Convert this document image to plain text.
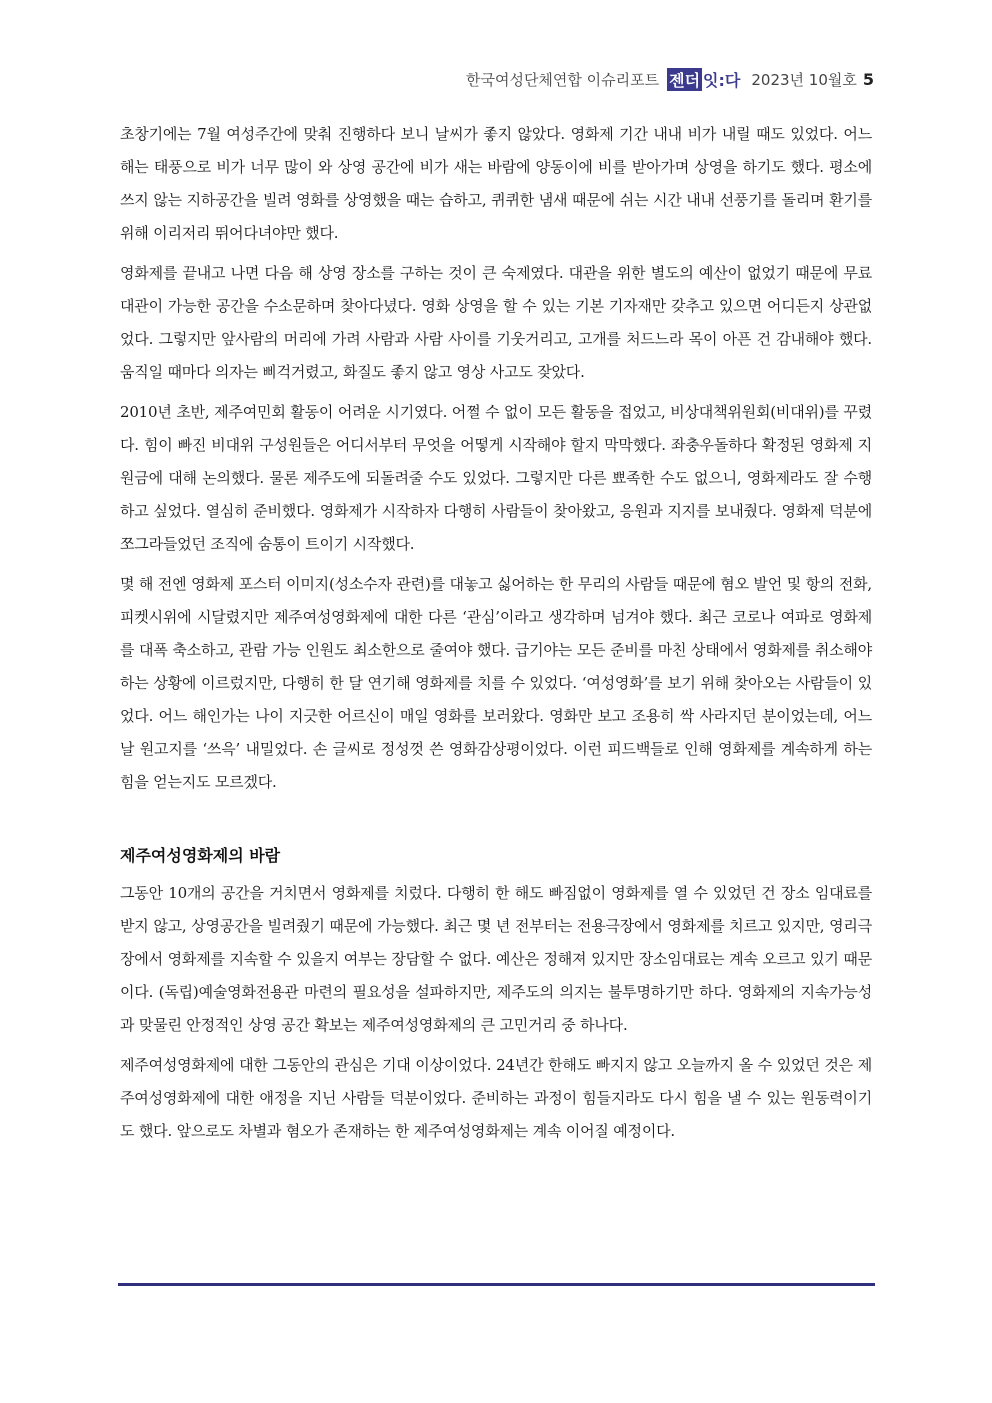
한국여성단체연합 이슈리포트 젠더 잇:다 2023년 10월호 5

초창기에는 7월 여성주간에 맞춰 진행하다 보니 날씨가 좋지 않았다. 영화제 기간 내내 비가 내릴 때도 있었다. 어느 해는 태풍으로 비가 너무 많이 와 상영 공간에 비가 새는 바람에 양동이에 비를 받아가며 상영을 하기도 했다. 평소에 쓰지 않는 지하공간을 빌려 영화를 상영했을 때는 습하고, 퀴퀴한 냄새 때문에 쉬는 시간 내내 선풍기를 돌리며 환기를 위해 이리저리 뛰어다녀야만 했다.

영화제를 끝내고 나면 다음 해 상영 장소를 구하는 것이 큰 숙제였다. 대관을 위한 별도의 예산이 없었기 때문에 무료 대관이 가능한 공간을 수소문하며 찾아다녔다. 영화 상영을 할 수 있는 기본 기자재만 갖추고 있으면 어디든지 상관없었다. 그렇지만 앞사람의 머리에 가려 사람과 사람 사이를 기웃거리고, 고개를 처드느라 목이 아픈 건 감내해야 했다. 움직일 때마다 의자는 삐걱거렸고, 화질도 좋지 않고 영상 사고도 잦았다.

2010년 초반, 제주여민회 활동이 어려운 시기였다. 어쩔 수 없이 모든 활동을 접었고, 비상대책위원회(비대위)를 꾸렸다. 힘이 빠진 비대위 구성원들은 어디서부터 무엇을 어떻게 시작해야 할지 막막했다. 좌충우돌하다 확정된 영화제 지원금에 대해 논의했다. 물론 제주도에 되돌려줄 수도 있었다. 그렇지만 다른 뾰족한 수도 없으니, 영화제라도 잘 수행하고 싶었다. 열심히 준비했다. 영화제가 시작하자 다행히 사람들이 찾아왔고, 응원과 지지를 보내줬다. 영화제 덕분에 쪼그라들었던 조직에 숨통이 트이기 시작했다.

몇 해 전엔 영화제 포스터 이미지(성소수자 관련)를 대놓고 싫어하는 한 무리의 사람들 때문에 혐오 발언 및 항의 전화, 피켓시위에 시달렸지만 제주여성영화제에 대한 다른 ‘관심’이라고 생각하며 넘겨야 했다. 최근 코로나 여파로 영화제를 대폭 축소하고, 관람 가능 인원도 최소한으로 줄여야 했다. 급기야는 모든 준비를 마친 상태에서 영화제를 취소해야 하는 상황에 이르렀지만, 다행히 한 달 연기해 영화제를 치를 수 있었다. ‘여성영화’를 보기 위해 찾아오는 사람들이 있었다. 어느 해인가는 나이 지긋한 어르신이 매일 영화를 보러왔다. 영화만 보고 조용히 싹 사라지던 분이었는데, 어느 날 원고지를 ‘쓰윽’ 내밀었다. 손 글씨로 정성껏 쓴 영화감상평이었다. 이런 피드백들로 인해 영화제를 계속하게 하는 힘을 얻는지도 모르겠다.

제주여성영화제의 바람

그동안 10개의 공간을 거치면서 영화제를 치렀다. 다행히 한 해도 빠짐없이 영화제를 열 수 있었던 건 장소 임대료를 받지 않고, 상영공간을 빌려줬기 때문에 가능했다. 최근 몇 년 전부터는 전용극장에서 영화제를 치르고 있지만, 영리극장에서 영화제를 지속할 수 있을지 여부는 장담할 수 없다. 예산은 정해져 있지만 장소임대료는 계속 오르고 있기 때문이다. (독립)예술영화전용관 마련의 필요성을 설파하지만, 제주도의 의지는 불투명하기만 하다. 영화제의 지속가능성과 맞물린 안정적인 상영 공간 확보는 제주여성영화제의 큰 고민거리 중 하나다.

제주여성영화제에 대한 그동안의 관심은 기대 이상이었다. 24년간 한해도 빠지지 않고 오늘까지 올 수 있었던 것은 제주여성영화제에 대한 애정을 지닌 사람들 덕분이었다. 준비하는 과정이 힘들지라도 다시 힘을 낼 수 있는 원동력이기도 했다. 앞으로도 차별과 혐오가 존재하는 한 제주여성영화제는 계속 이어질 예정이다.
